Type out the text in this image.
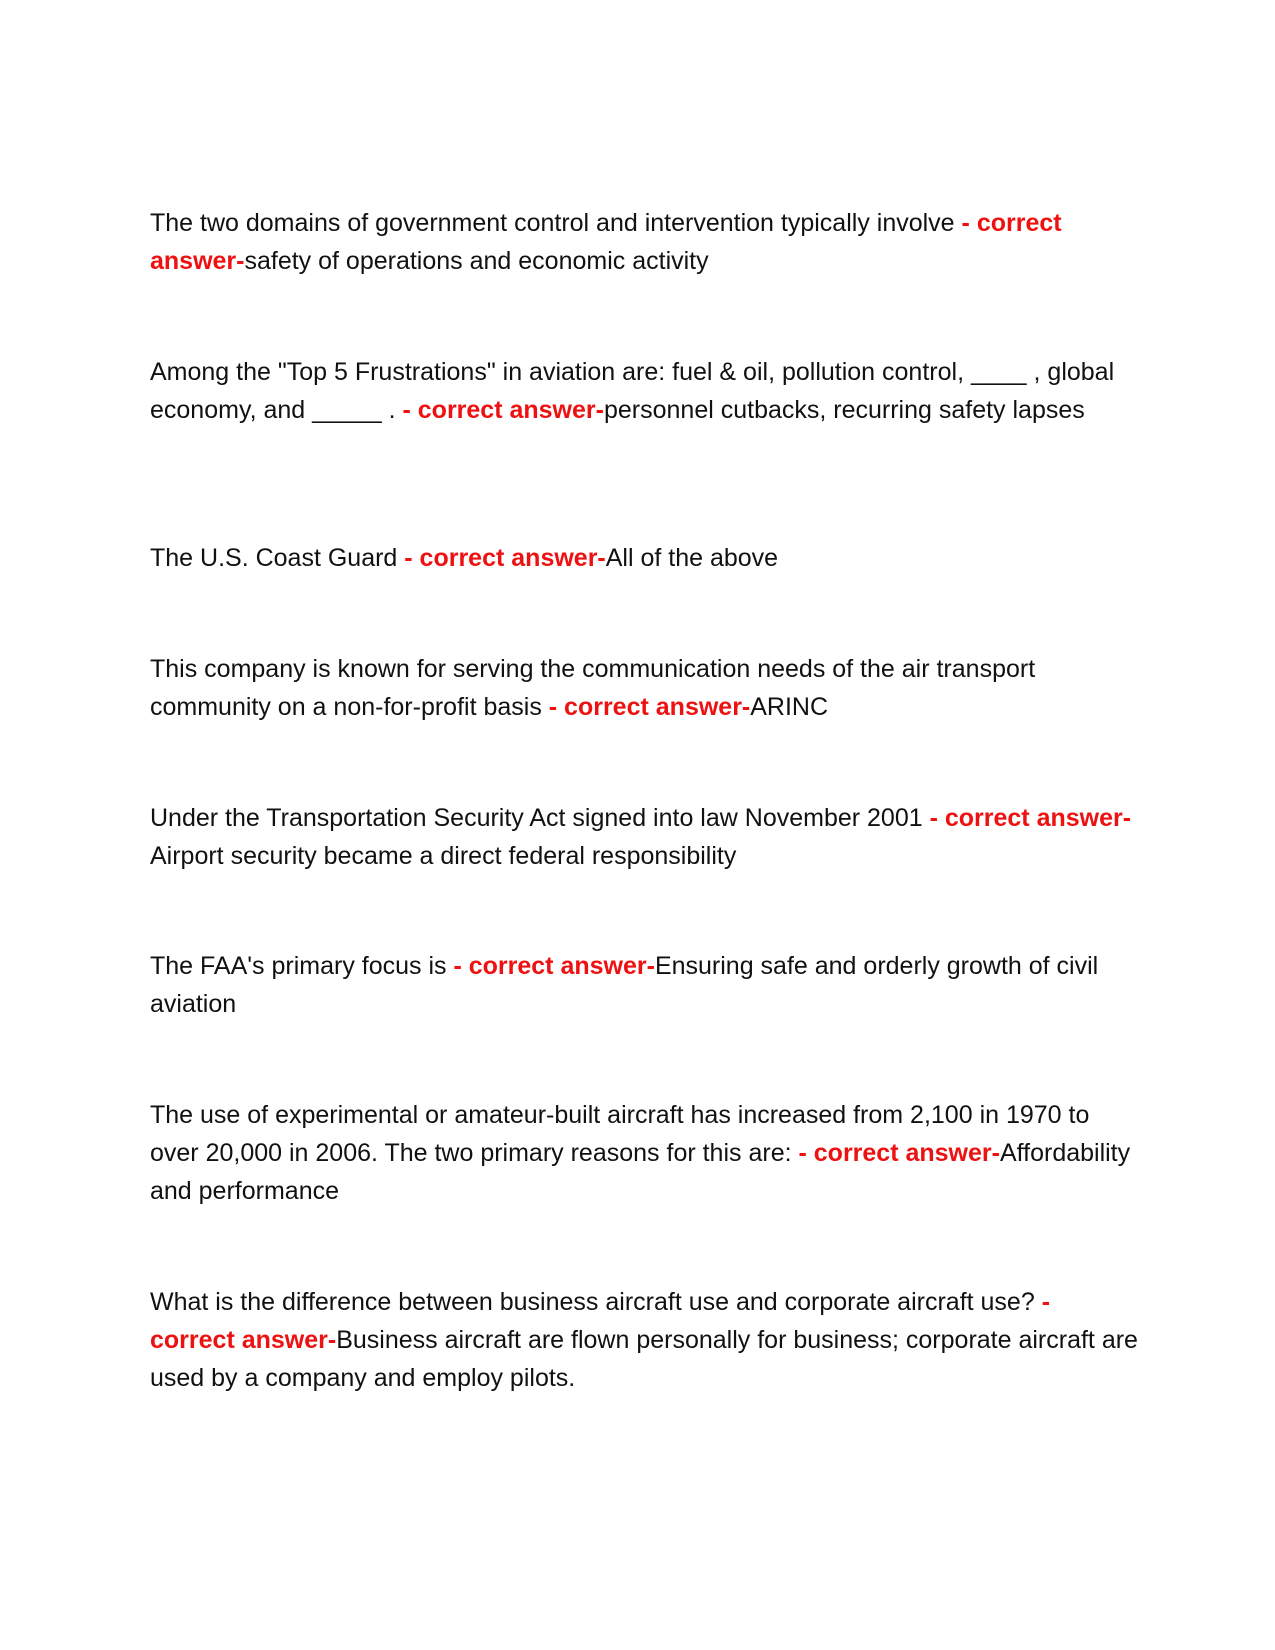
The two domains of government control and intervention typically involve - correct answer-safety of operations and economic activity

Among the "Top 5 Frustrations" in aviation are: fuel & oil, pollution control, ____ , global economy, and _____ . - correct answer-personnel cutbacks, recurring safety lapses

The U.S. Coast Guard - correct answer-All of the above

This company is known for serving the communication needs of the air transport community on a non-for-profit basis - correct answer-ARINC

Under the Transportation Security Act signed into law November 2001 - correct answer-Airport security became a direct federal responsibility

The FAA's primary focus is - correct answer-Ensuring safe and orderly growth of civil aviation

The use of experimental or amateur-built aircraft has increased from 2,100 in 1970 to over 20,000 in 2006. The two primary reasons for this are: - correct answer-Affordability and performance

What is the difference between business aircraft use and corporate aircraft use? - correct answer-Business aircraft are flown personally for business; corporate aircraft are used by a company and employ pilots.
